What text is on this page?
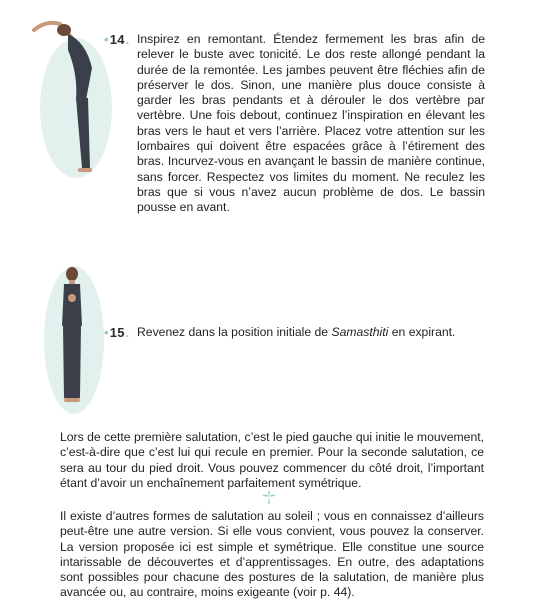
•14. Inspirez en remontant. Étendez fermement les bras afin de relever le buste avec tonicité. Le dos reste allongé pendant la durée de la remontée. Les jambes peuvent être fléchies afin de préserver le dos. Sinon, une manière plus douce consiste à garder les bras pendants et à dérouler le dos vertèbre par vertèbre. Une fois debout, continuez l’inspiration en élevant les bras vers le haut et vers l’arrière. Placez votre attention sur les lombaires qui doivent être espacées grâce à l’étirement des bras. Incurvez-vous en avançant le bassin de manière continue, sans forcer. Respectez vos limites du moment. Ne reculez les bras que si vous n’avez aucun problème de dos. Le bassin pousse en avant.
•15. Revenez dans la position initiale de Samasthiti en expirant.
Lors de cette première salutation, c’est le pied gauche qui initie le mouvement, c’est-à-dire que c’est lui qui recule en premier. Pour la seconde salutation, ce sera au tour du pied droit. Vous pouvez commencer du côté droit, l’important étant d’avoir un enchaînement parfaitement symétrique.
Il existe d’autres formes de salutation au soleil ; vous en connaissez d’ailleurs peut-être une autre version. Si elle vous convient, vous pouvez la conserver. La version proposée ici est simple et symétrique. Elle constitue une source intarissable de découvertes et d’apprentissages. En outre, des adaptations sont possibles pour chacune des postures de la salutation, de manière plus avancée ou, au contraire, moins exigeante (voir p. 44).
